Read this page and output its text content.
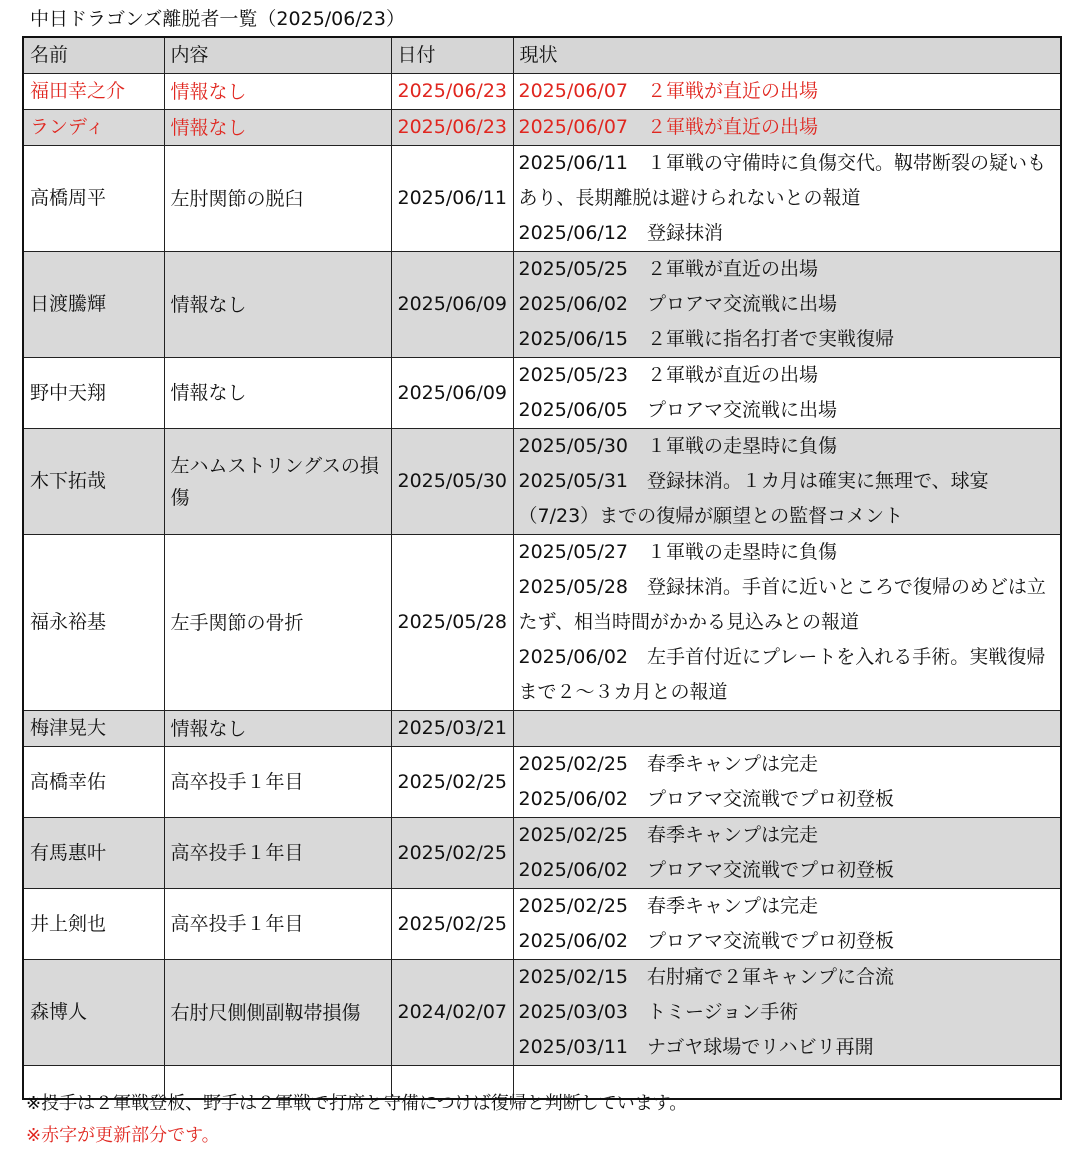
中日ドラゴンズ離脱者一覧（2025/06/23）
名前	内容	日付	現状
福田幸之介	情報なし	2025/06/23	2025/06/07　２軍戦が直近の出場

ランディ	情報なし	2025/06/23	2025/06/07　２軍戦が直近の出場

高橋周平	左肘関節の脱臼	2025/06/11	2025/06/11　１軍戦の守備時に負傷交代。靱帯断裂の疑いもあり、長期離脱は避けられないとの報道
2025/06/12　登録抹消

日渡騰輝	情報なし	2025/06/09	2025/05/25　２軍戦が直近の出場
2025/06/02　プロアマ交流戦に出場
2025/06/15　２軍戦に指名打者で実戦復帰

野中天翔	情報なし	2025/06/09	2025/05/23　２軍戦が直近の出場
2025/06/05　プロアマ交流戦に出場

木下拓哉	左ハムストリングスの損傷	2025/05/30	2025/05/30　１軍戦の走塁時に負傷
2025/05/31　登録抹消。１カ月は確実に無理で、球宴（7/23）までの復帰が願望との監督コメント

福永裕基	左手関節の骨折	2025/05/28	2025/05/27　１軍戦の走塁時に負傷
2025/05/28　登録抹消。手首に近いところで復帰のめどは立たず、相当時間がかかる見込みとの報道
2025/06/02　左手首付近にプレートを入れる手術。実戦復帰まで２～３カ月との報道

梅津晃大	情報なし	2025/03/21	
高橋幸佑	高卒投手１年目	2025/02/25	2025/02/25　春季キャンプは完走
2025/06/02　プロアマ交流戦でプロ初登板

有馬惠叶	高卒投手１年目	2025/02/25	2025/02/25　春季キャンプは完走
2025/06/02　プロアマ交流戦でプロ初登板

井上剣也	高卒投手１年目	2025/02/25	2025/02/25　春季キャンプは完走
2025/06/02　プロアマ交流戦でプロ初登板

森博人	右肘尺側側副靱帯損傷	2024/02/07	2025/02/15　右肘痛で２軍キャンプに合流
2025/03/03　トミージョン手術
2025/03/11　ナゴヤ球場でリハビリ再開

※投手は２軍戦登板、野手は２軍戦で打席と守備につけば復帰と判断しています。
※赤字が更新部分です。
